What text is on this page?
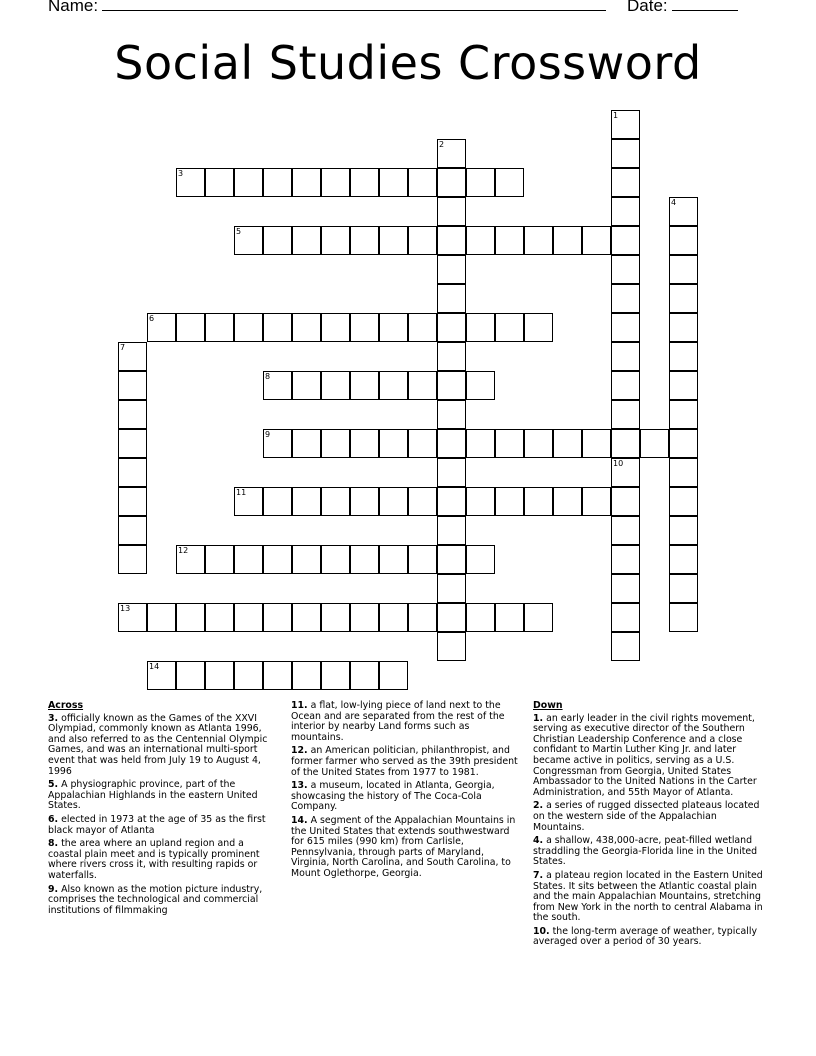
Name:	Date:
Social Studies Crossword
1
2
3
4
5
6
7
8
9
10
11
12
13
14
Across
3. officially known as the Games of the XXVI Olympiad, commonly known as Atlanta 1996, and also referred to as the Centennial Olympic Games, and was an international multi-sport event that was held from July 19 to August 4, 1996
5. A physiographic province, part of the Appalachian Highlands in the eastern United States.
6. elected in 1973 at the age of 35 as the first black mayor of Atlanta
8. the area where an upland region and a coastal plain meet and is typically prominent where rivers cross it, with resulting rapids or waterfalls.
9. Also known as the motion picture industry, comprises the technological and commercial institutions of filmmaking
11. a flat, low-lying piece of land next to the Ocean and are separated from the rest of the interior by nearby Land forms such as mountains.
12. an American politician, philanthropist, and former farmer who served as the 39th president of the United States from 1977 to 1981.
13. a museum, located in Atlanta, Georgia, showcasing the history of The Coca-Cola Company.
14. A segment of the Appalachian Mountains in the United States that extends southwestward for 615 miles (990 km) from Carlisle, Pennsylvania, through parts of Maryland, Virginia, North Carolina, and South Carolina, to Mount Oglethorpe, Georgia.
Down
1. an early leader in the civil rights movement, serving as executive director of the Southern Christian Leadership Conference and a close confidant to Martin Luther King Jr. and later became active in politics, serving as a U.S. Congressman from Georgia, United States Ambassador to the United Nations in the Carter Administration, and 55th Mayor of Atlanta.
2. a series of rugged dissected plateaus located on the western side of the Appalachian Mountains.
4. a shallow, 438,000-acre, peat-filled wetland straddling the Georgia-Florida line in the United States.
7. a plateau region located in the Eastern United States. It sits between the Atlantic coastal plain and the main Appalachian Mountains, stretching from New York in the north to central Alabama in the south.
10. the long-term average of weather, typically averaged over a period of 30 years.
